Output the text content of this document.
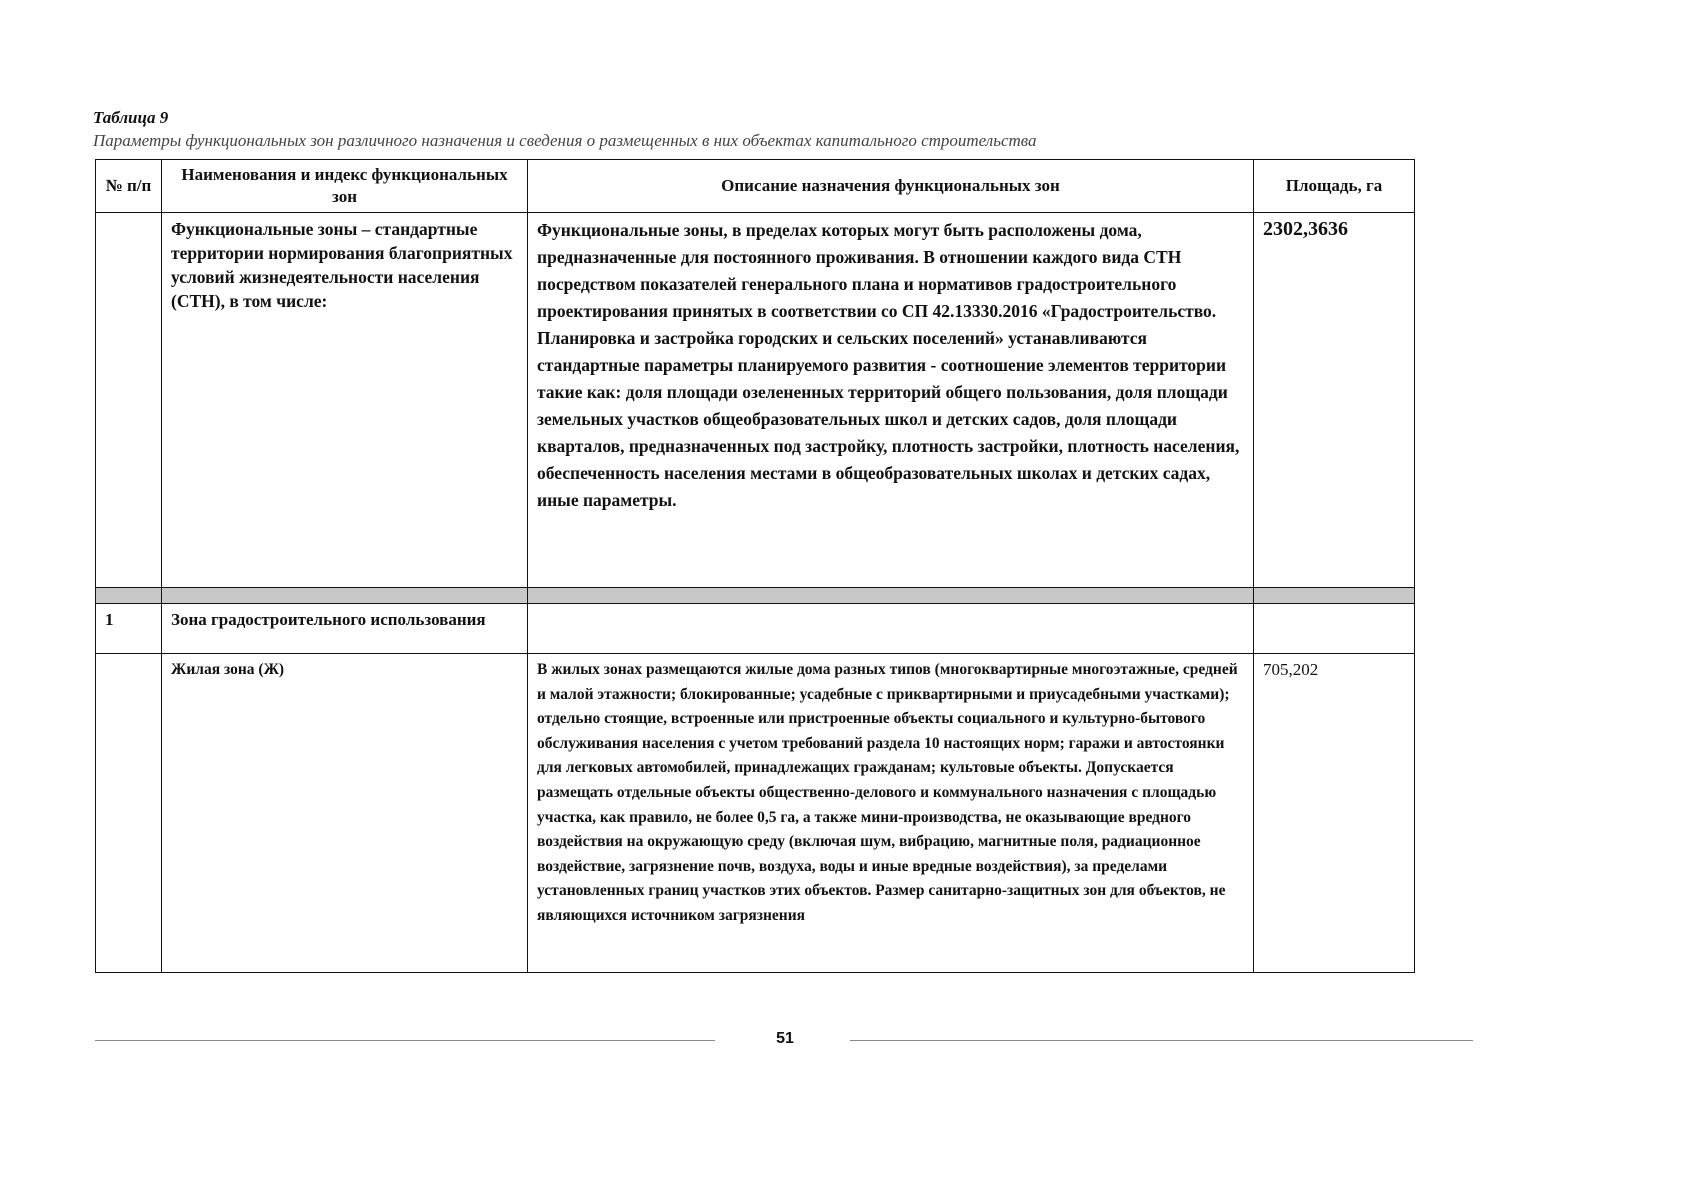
Таблица 9
Параметры функциональных зон различного назначения и сведения о размещенных в них объектах капитального строительства
№ п/п	Наименования и индекс функциональных зон	Описание назначения функциональных зон	Площадь, га
	Функциональные зоны – стандартные территории нормирования благоприятных условий жизнедеятельности населения (СТН), в том числе:	Функциональные зоны, в пределах которых могут быть расположены дома, предназначенные для постоянного проживания. В отношении каждого вида СТН посредством показателей генерального плана и нормативов градостроительного проектирования принятых в соответствии со СП 42.13330.2016 «Градостроительство. Планировка и застройка городских и сельских поселений» устанавливаются стандартные параметры планируемого развития - соотношение элементов территории такие как: доля площади озелененных территорий общего пользования, доля площади земельных участков общеобразовательных школ и детских садов, доля площади кварталов, предназначенных под застройку, плотность застройки, плотность населения, обеспеченность населения местами в общеобразовательных школах и детских садах, иные параметры.	2302,3636

1	Зона градостроительного использования		
	Жилая зона (Ж)	В жилых зонах размещаются жилые дома разных типов (многоквартирные многоэтажные, средней и малой этажности; блокированные; усадебные с приквартирными и приусадебными участками); отдельно стоящие, встроенные или пристроенные объекты социального и культурно-бытового обслуживания населения с учетом требований раздела 10 настоящих норм; гаражи и автостоянки для легковых автомобилей, принадлежащих гражданам; культовые объекты. Допускается размещать отдельные объекты общественно-делового и коммунального назначения с площадью участка, как правило, не более 0,5 га, а также мини-производства, не оказывающие вредного воздействия на окружающую среду (включая шум, вибрацию, магнитные поля, радиационное воздействие, загрязнение почв, воздуха, воды и иные вредные воздействия), за пределами установленных границ участков этих объектов. Размер санитарно-защитных зон для объектов, не являющихся источником загрязнения	705,202
51
